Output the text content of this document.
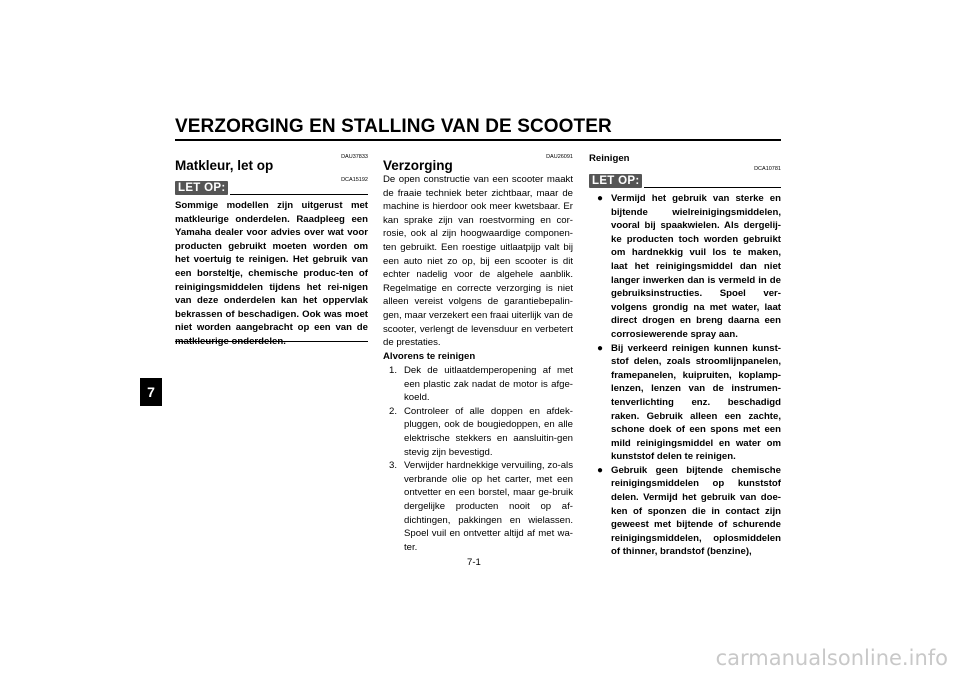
VERZORGING EN STALLING VAN DE SCOOTER
7
DAU37833
Matkleur, let op
LET OP:
DCA15192

Sommige modellen zijn uitgerust met matkleurige onderdelen. Raadpleeg een Yamaha dealer voor advies over wat voor producten gebruikt moeten worden om het voertuig te reinigen. Het gebruik van een borsteltje, chemische produc-ten of reinigingsmiddelen tijdens het rei-nigen van deze onderdelen kan het oppervlak bekrassen of beschadigen. Ook was moet niet worden aangebracht op een van de matkleurige onderdelen.

DAU26091
Verzorging

De open constructie van een scooter maakt de fraaie techniek beter zichtbaar, maar de machine is hierdoor ook meer kwetsbaar. Er kan sprake zijn van roestvorming en cor-rosie, ook al zijn hoogwaardige componen-ten gebruikt. Een roestige uitlaatpijp valt bij een auto niet zo op, bij een scooter is dit echter nadelig voor de algehele aanblik. Regelmatige en correcte verzorging is niet alleen vereist volgens de garantiebepalin-gen, maar verzekert een fraai uiterlijk van de scooter, verlengt de levensduur en verbetert de prestaties.

Alvorens te reinigen
1. Dek de uitlaatdemperopening af met een plastic zak nadat de motor is afge-koeld.
2. Controleer of alle doppen en afdek-pluggen, ook de bougiedoppen, en alle elektrische stekkers en aansluitin-gen stevig zijn bevestigd.
3. Verwijder hardnekkige vervuiling, zo-als verbrande olie op het carter, met een ontvetter en een borstel, maar ge-bruik dergelijke producten nooit op af-dichtingen, pakkingen en wielassen. Spoel vuil en ontvetter altijd af met wa-ter.
Reinigen
DCA10781
LET OP:
● Vermijd het gebruik van sterke en bijtende wielreinigingsmiddelen, vooral bij spaakwielen. Als dergelij-ke producten toch worden gebruikt om hardnekkig vuil los te maken, laat het reinigingsmiddel dan niet langer inwerken dan is vermeld in de gebruiksinstructies. Spoel ver-volgens grondig na met water, laat direct drogen en breng daarna een corrosiewerende spray aan.
● Bij verkeerd reinigen kunnen kunst-stof delen, zoals stroomlijnpanelen, framepanelen, kuipruiten, koplamp-lenzen, lenzen van de instrumen-tenverlichting enz. beschadigd raken. Gebruik alleen een zachte, schone doek of een spons met een mild reinigingsmiddel en water om kunststof delen te reinigen.
● Gebruik geen bijtende chemische reinigingsmiddelen op kunststof delen. Vermijd het gebruik van doe-ken of sponzen die in contact zijn geweest met bijtende of schurende reinigingsmiddelen, oplosmiddelen of thinner, brandstof (benzine),
7-1
carmanualsonline.info
